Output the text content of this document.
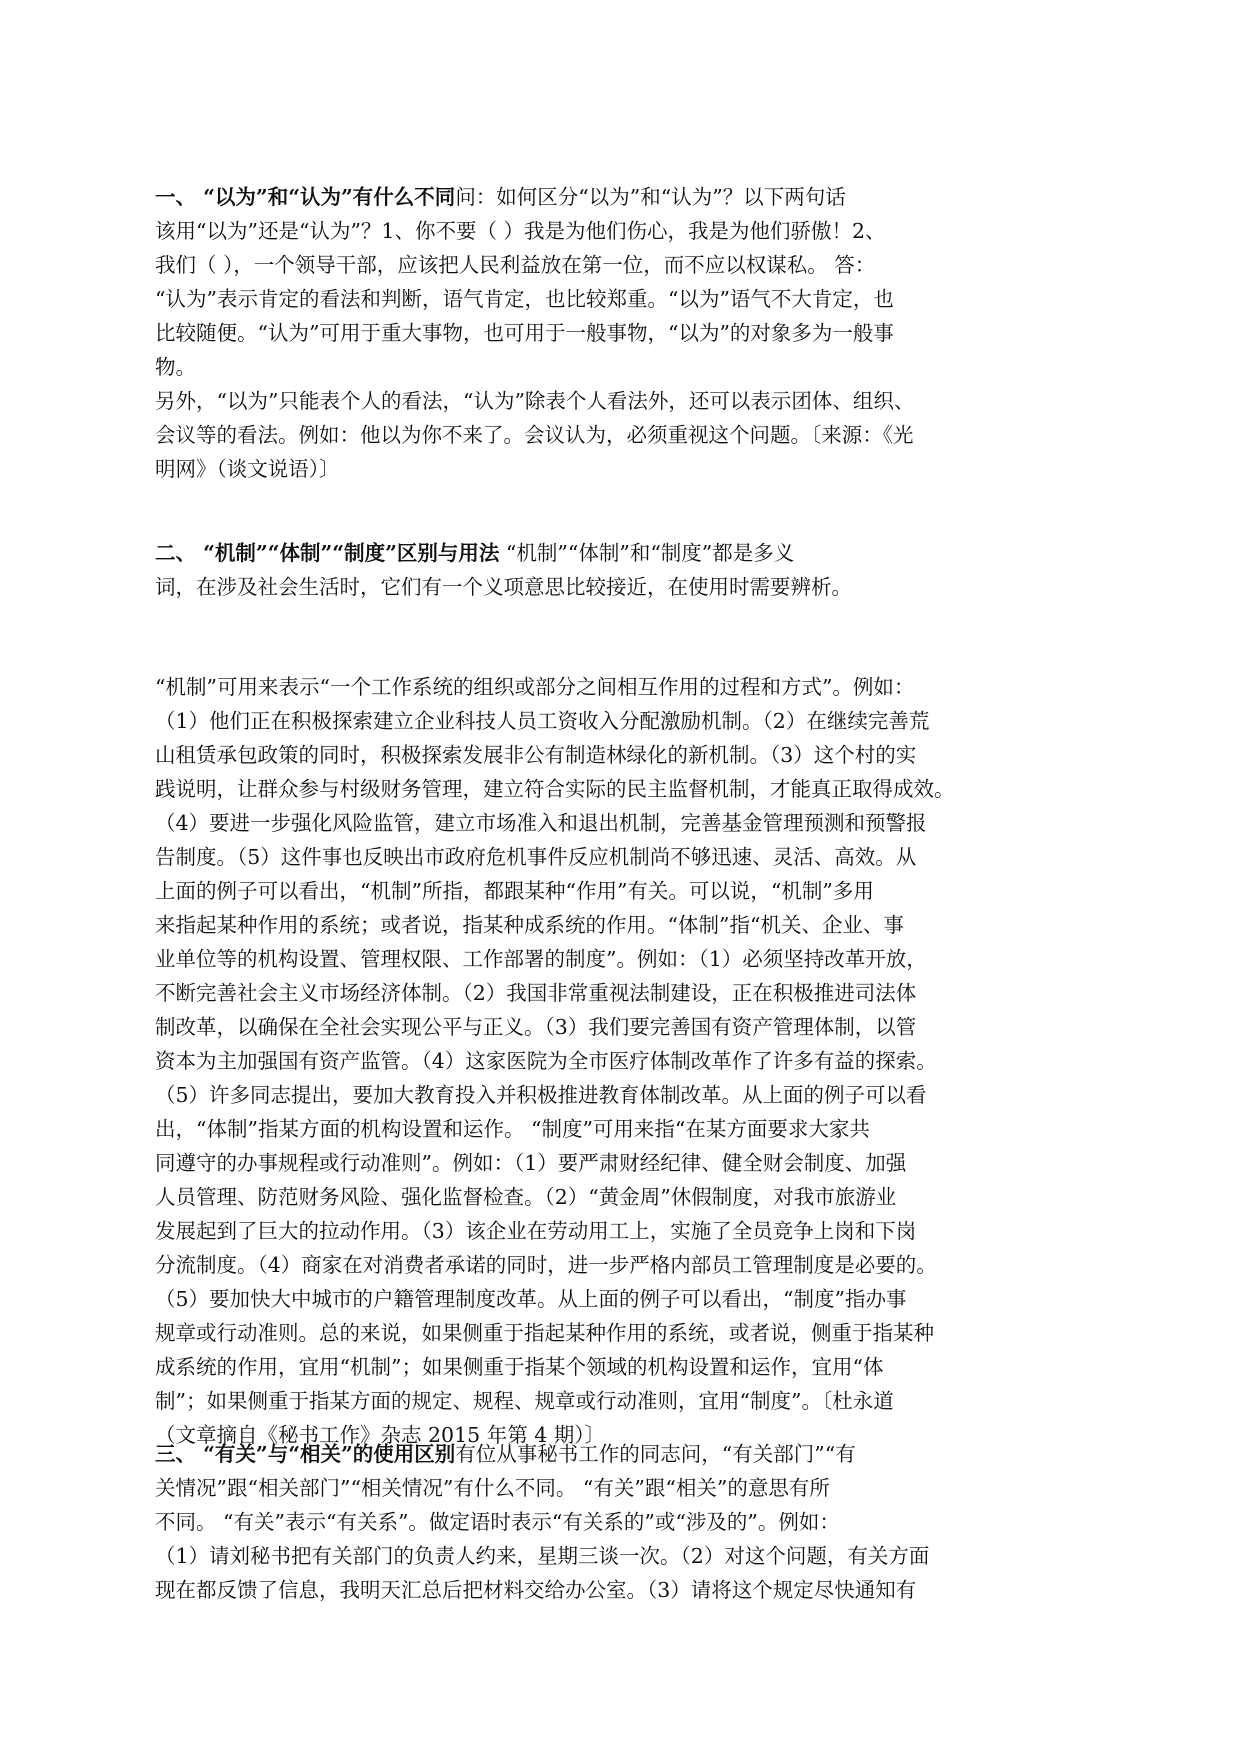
一、 “以为”和“认为”有什么不同问：如何区分“以为”和“认为”？以下两句话
该用“以为”还是“认为”？1、你不要（ ）我是为他们伤心，我是为他们骄傲！2、
我们（ ），一个领导干部，应该把人民利益放在第一位，而不应以权谋私。 答：
“认为”表示肯定的看法和判断，语气肯定，也比较郑重。“以为”语气不大肯定，也
比较随便。“认为”可用于重大事物，也可用于一般事物，“以为”的对象多为一般事
物。
另外，“以为”只能表个人的看法，“认为”除表个人看法外，还可以表示团体、组织、
会议等的看法。例如：他以为你不来了。会议认为，必须重视这个问题。〔来源：《光
明网》（谈文说语）〕
二、 “机制”“体制”“制度”区别与用法 “机制”“体制”和“制度”都是多义
词，在涉及社会生活时，它们有一个义项意思比较接近，在使用时需要辨析。
“机制”可用来表示“一个工作系统的组织或部分之间相互作用的过程和方式”。例如：
（1）他们正在积极探索建立企业科技人员工资收入分配激励机制。（2）在继续完善荒
山租赁承包政策的同时，积极探索发展非公有制造林绿化的新机制。（3）这个村的实
践说明，让群众参与村级财务管理，建立符合实际的民主监督机制，才能真正取得成效。
（4）要进一步强化风险监管，建立市场准入和退出机制，完善基金管理预测和预警报
告制度。（5）这件事也反映出市政府危机事件反应机制尚不够迅速、灵活、高效。从
上面的例子可以看出，“机制”所指，都跟某种“作用”有关。可以说，“机制”多用
来指起某种作用的系统；或者说，指某种成系统的作用。“体制”指“机关、企业、事
业单位等的机构设置、管理权限、工作部署的制度”。例如：（1）必须坚持改革开放，
不断完善社会主义市场经济体制。（2）我国非常重视法制建设，正在积极推进司法体
制改革，以确保在全社会实现公平与正义。（3）我们要完善国有资产管理体制，以管
资本为主加强国有资产监管。（4）这家医院为全市医疗体制改革作了许多有益的探索。
（5）许多同志提出，要加大教育投入并积极推进教育体制改革。从上面的例子可以看
出，“体制”指某方面的机构设置和运作。 “制度”可用来指“在某方面要求大家共
同遵守的办事规程或行动准则”。例如：（1）要严肃财经纪律、健全财会制度、加强
人员管理、防范财务风险、强化监督检查。（2）“黄金周”休假制度，对我市旅游业
发展起到了巨大的拉动作用。（3）该企业在劳动用工上，实施了全员竞争上岗和下岗
分流制度。（4）商家在对消费者承诺的同时，进一步严格内部员工管理制度是必要的。
（5）要加快大中城市的户籍管理制度改革。从上面的例子可以看出，“制度”指办事
规章或行动准则。总的来说，如果侧重于指起某种作用的系统，或者说，侧重于指某种
成系统的作用，宜用“机制”；如果侧重于指某个领域的机构设置和运作，宜用“体
制”；如果侧重于指某方面的规定、规程、规章或行动准则，宜用“制度”。〔杜永道
（文章摘自《秘书工作》杂志 2015 年第 4 期）〕
三、 “有关”与“相关”的使用区别有位从事秘书工作的同志问，“有关部门”“有
关情况”跟“相关部门”“相关情况”有什么不同。 “有关”跟“相关”的意思有所
不同。 “有关”表示“有关系”。做定语时表示“有关系的”或“涉及的”。例如：
（1）请刘秘书把有关部门的负责人约来，星期三谈一次。（2）对这个问题，有关方面
现在都反馈了信息，我明天汇总后把材料交给办公室。（3）请将这个规定尽快通知有
